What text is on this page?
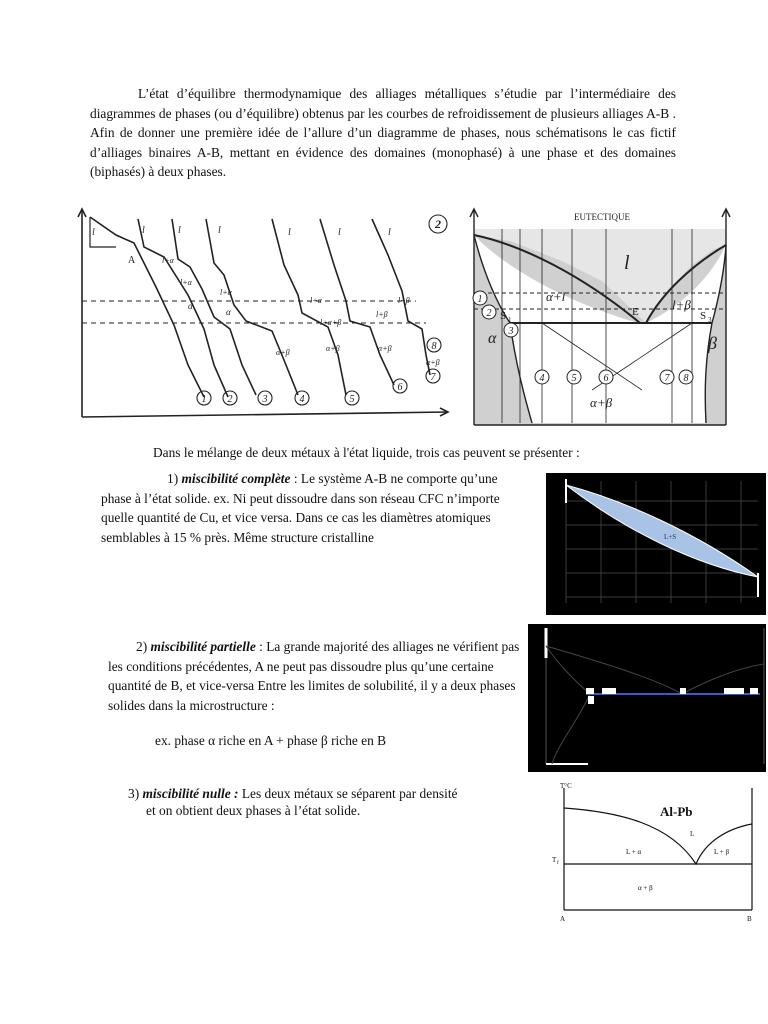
L’état d’équilibre thermodynamique des alliages métalliques s’étudie par l’intermédiaire des diagrammes de phases (ou d’équilibre) obtenus par les courbes de refroidissement de plusieurs alliages A-B . Afin de donner une première idée de l’allure d’un diagramme de phases, nous schématisons le cas fictif d’alliages binaires A-B, mettant en évidence des domaines (monophasé) à une phase et des domaines (biphasés) à deux phases.
1 2	3	4	5
6
7
8
2
l	l	l	l	l	l	l
A	l+α
l+α
l+α
l+α
l+α+β
l+β
l+β
α
α
α+β	α+β	α+β
α+β
1
2
3
4	5	6	7 8
EUTECTIQUE
l
α+l
l+β
α	β
α+β
E
S 1	S 3
Dans le mélange de deux métaux à l'état liquide, trois cas peuvent se présenter :
1) miscibilité complète : Le système A-B ne comporte qu’une phase à l’état solide. ex. Ni peut dissoudre dans son réseau CFC n’importe quelle quantité de Cu, et vice versa. Dans ce cas les diamètres atomiques semblables à 15 % près. Même structure cristalline	L+S
2) miscibilité partielle : La grande majorité des alliages ne vérifient pas les conditions précédentes, A ne peut pas dissoudre plus qu’une certaine quantité de B, et vice-versa Entre les limites de solubilité, il y a deux phases solides dans la microstructure :
ex. phase α riche en A + phase β riche en B
3) miscibilité nulle : Les deux métaux se séparent par densité
et on obtient deux phases à l’état solide.
T°C
Al-Pb
L
L + α	L + β
α + β
T f
A	B
